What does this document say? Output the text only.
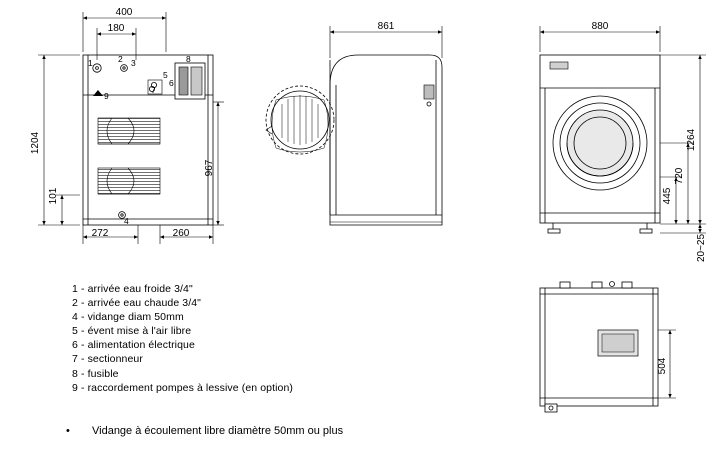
400
180
1204
101
967
272	260
861	880
1264
720
445
20~25
504
1	2 3
4
5
6
7
8
9
1 - arrivée eau froide 3/4"
2 - arrivée eau chaude 3/4"
4 - vidange diam 50mm
5 - évent mise à l'air libre
6 - alimentation électrique
7 - sectionneur
8 - fusible
9 - raccordement pompes à lessive (en option)
•	Vidange à écoulement libre diamètre 50mm ou plus
